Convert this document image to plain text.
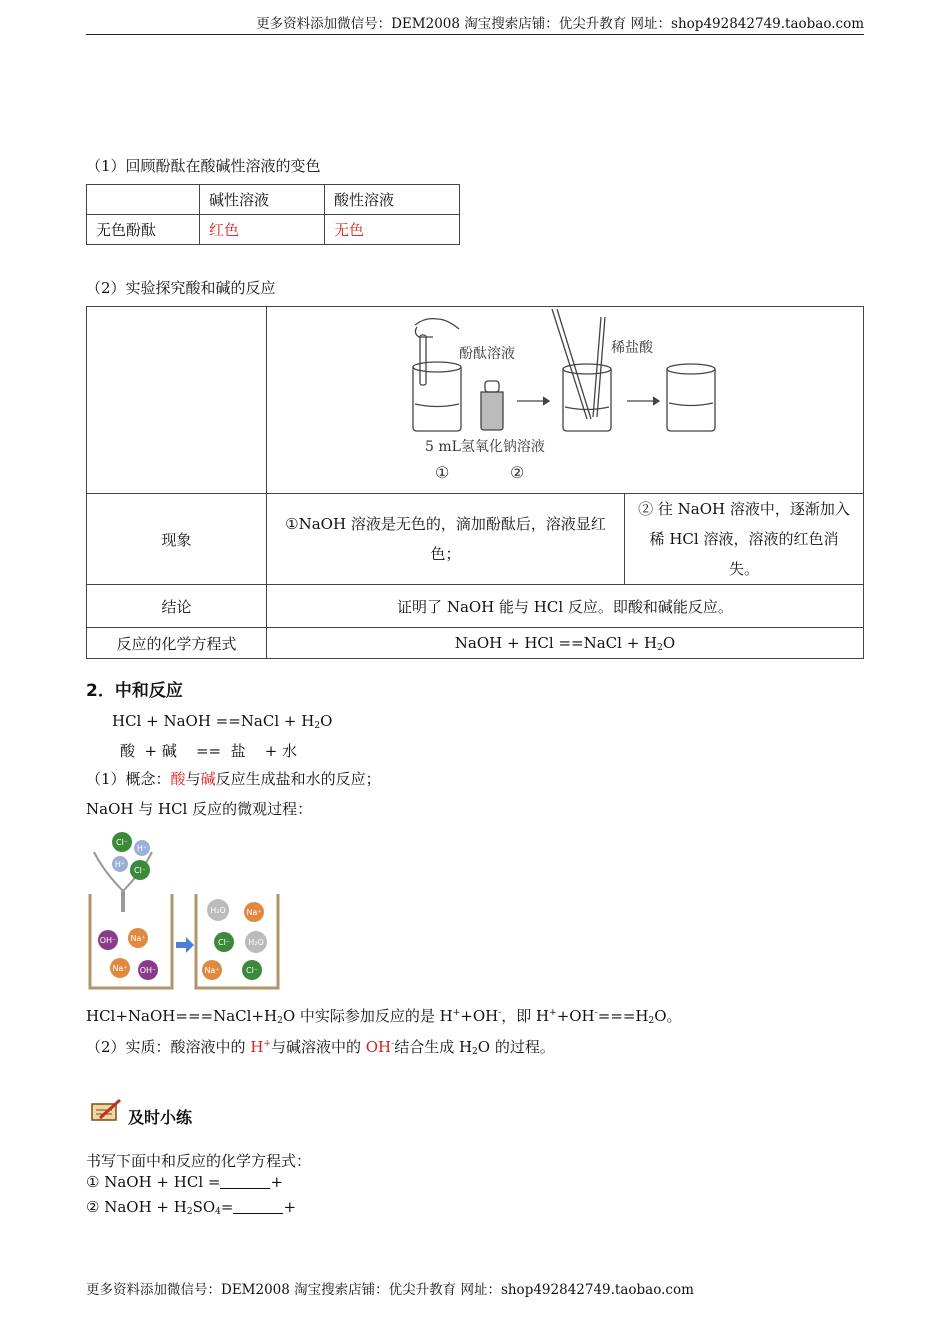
更多资料添加微信号：DEM2008 淘宝搜索店铺：优尖升教育 网址：shop492842749.taobao.com
（1）回顾酚酞在酸碱性溶液的变色
	碱性溶液	酸性溶液
无色酚酞	红色	无色
（2）实验探究酸和碱的反应

酚酞溶液 稀盐酸
5 mL氢氧化钠溶液
① ②	

现象	①NaOH 溶液是无色的，滴加酚酞后，溶液显红色；	② 往 NaOH 溶液中，逐渐加入稀 HCl 溶液，溶液的红色消失。
结论	证明了 NaOH 能与 HCl 反应。即酸和碱能反应。	
反应的化学方程式	NaOH + HCl ==NaCl + $H_2O$	
2．中和反应
HCl + NaOH ==NaCl + $H_2O$
酸  + 碱    ==  盐    + 水
（1）概念：酸与碱反应生成盐和水的反应；
NaOH 与 HCl 反应的微观过程：
Cl⁻
H⁺
H⁺
Cl⁻
OH⁻ Na⁺
Na⁺ OH⁻
H₂O	Na⁺
Cl⁻ H₂O
Na⁺	Cl⁻
$HCl+NaOH===NaCl+H_2O$ 中实际参加反应的是 H++OH-，即 $H^++OH^-===H_2O$。
（2）实质：酸溶液中的 H+与碱溶液中的 OH-结合生成 $H_2O$ 的过程。
及时小练
书写下面中和反应的化学方程式：
① NaOH + HCl =	+
② NaOH + $H_2SO_4=$	+
更多资料添加微信号：DEM2008 淘宝搜索店铺：优尖升教育 网址：shop492842749.taobao.com
